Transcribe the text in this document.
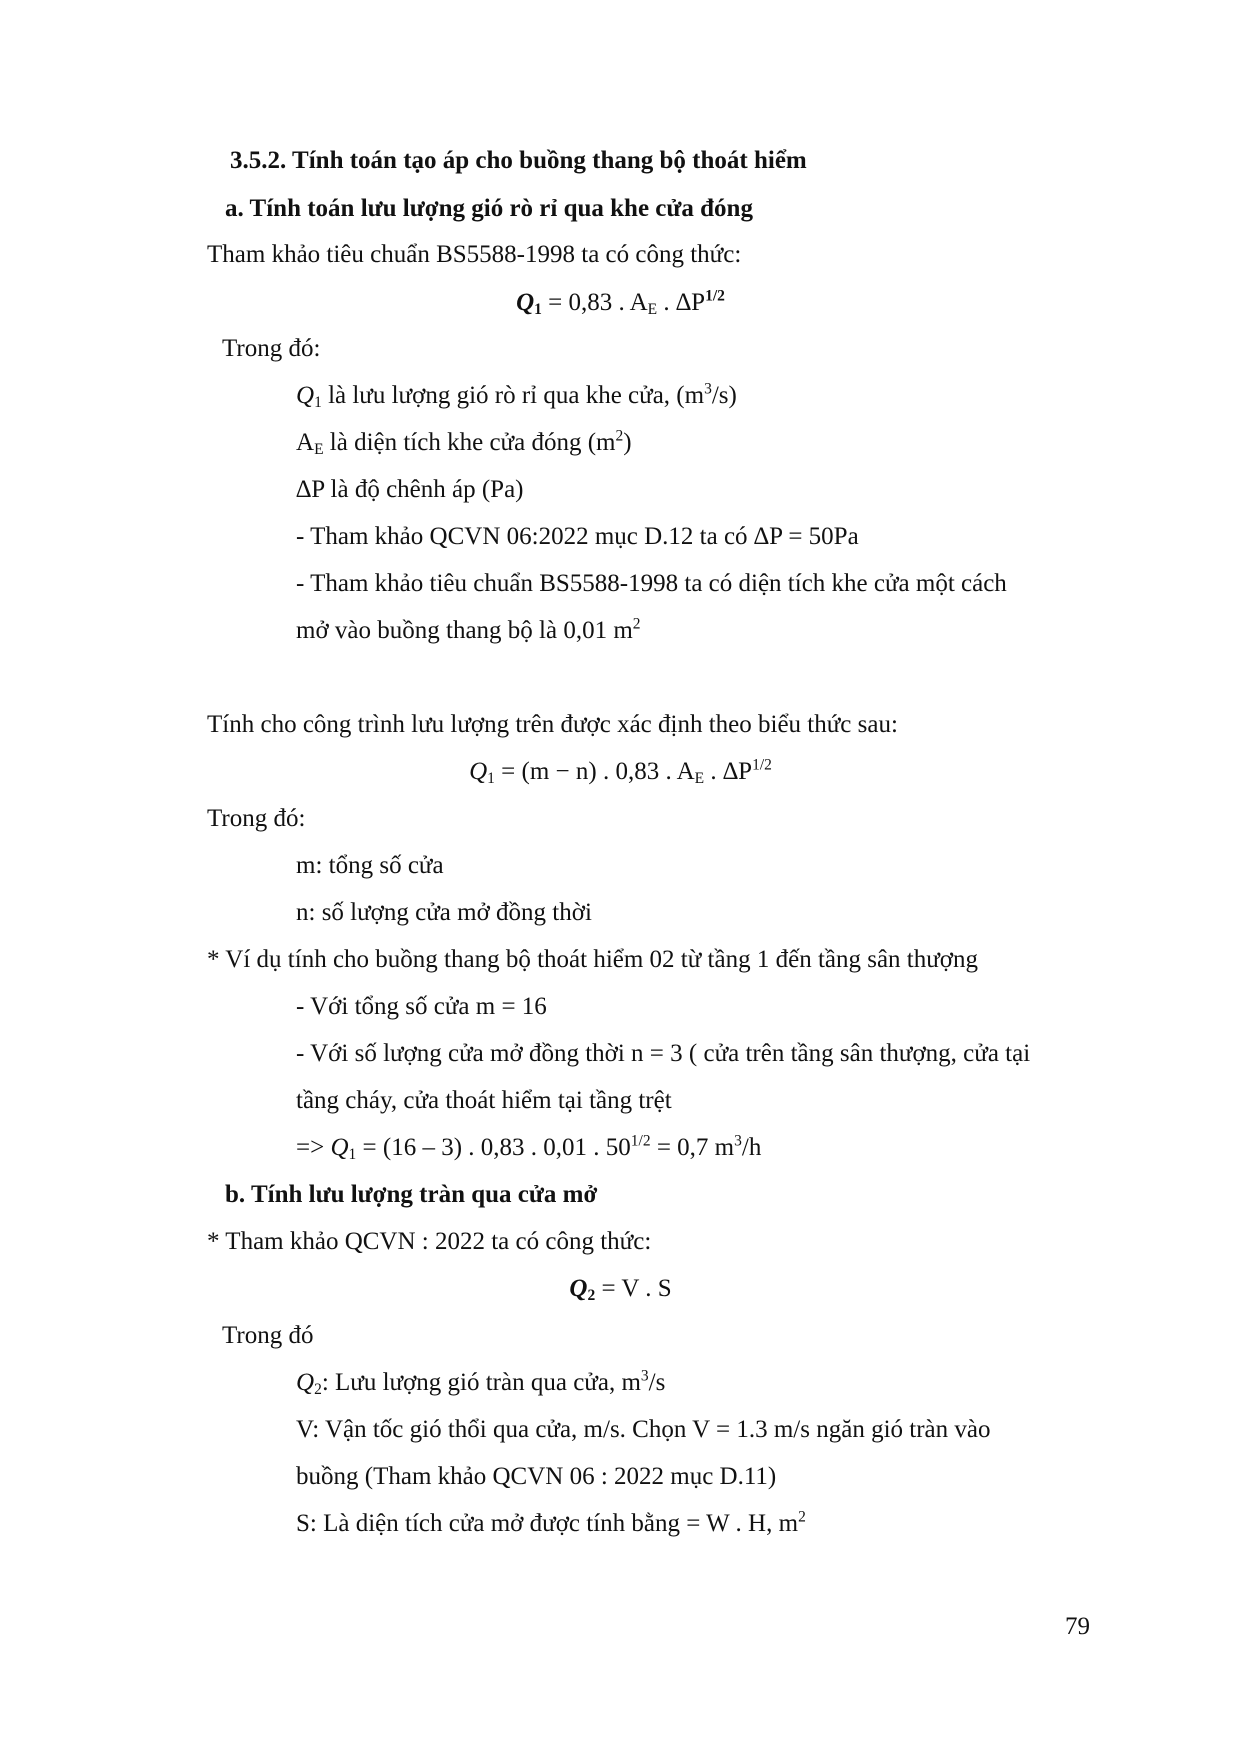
3.5.2. Tính toán tạo áp cho buồng thang bộ thoát hiểm
a. Tính toán lưu lượng gió rò rỉ qua khe cửa đóng
Tham khảo tiêu chuẩn BS5588-1998 ta có công thức:
$Q_1 = 0,83$ . $A_E$ . $\Delta P^{1/2}$
Trong đó:
$Q_1$ là lưu lượng gió rò rỉ qua khe cửa, $(m^3/s)$
$A_E$ là diện tích khe cửa đóng $(m^2)$
∆P là độ chênh áp (Pa)
- Tham khảo QCVN 06:2022 mục D.12 ta có ∆P = 50Pa
- Tham khảo tiêu chuẩn BS5588-1998 ta có diện tích khe cửa một cách
mở vào buồng thang bộ là 0,01 $m^2$
Tính cho công trình lưu lượng trên được xác định theo biểu thức sau:
$Q_1 = (m - n)$ . 0,83 . $A_E$ . $\Delta P^{1/2}$
Trong đó:
m: tổng số cửa
n: số lượng cửa mở đồng thời
* Ví dụ tính cho buồng thang bộ thoát hiểm 02 từ tầng 1 đến tầng sân thượng
- Với tổng số cửa m = 16
- Với số lượng cửa mở đồng thời n = 3 ( cửa trên tầng sân thượng, cửa tại
tầng cháy, cửa thoát hiểm tại tầng trệt
=> $Q_1 = (16 - 3)$ . 0,83 . 0,01 . $50^{1/2} = 0,7$ $m^3/h$
b. Tính lưu lượng tràn qua cửa mở
* Tham khảo QCVN : 2022 ta có công thức:
$Q_2 = V$ . S
Trong đó
$Q_2$: Lưu lượng gió tràn qua cửa, $m^3/s$
V: Vận tốc gió thổi qua cửa, m/s. Chọn V = 1.3 m/s ngăn gió tràn vào
buồng (Tham khảo QCVN 06 : 2022 mục D.11)
S: Là diện tích cửa mở được tính bằng = W . H, $m^2$
79
